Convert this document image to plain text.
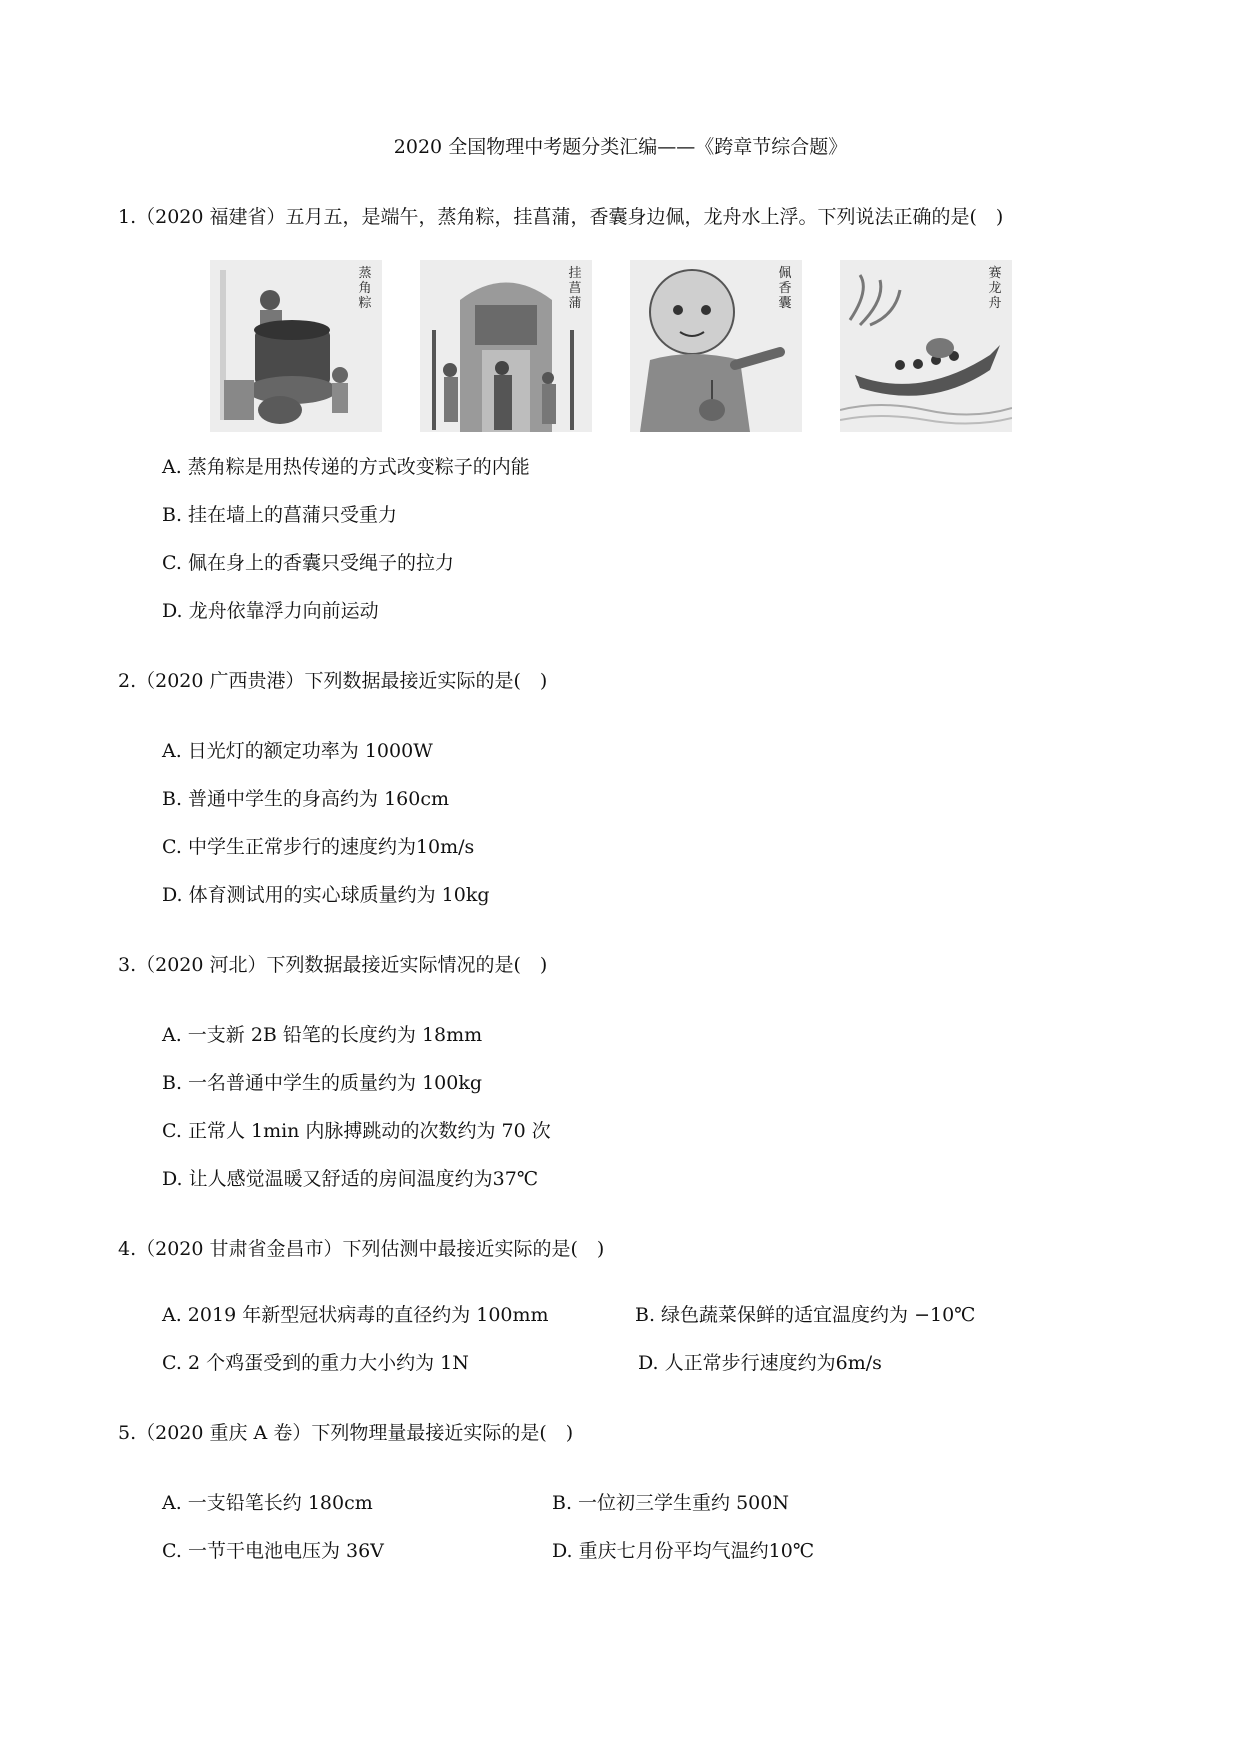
2020 全国物理中考题分类汇编——《跨章节综合题》
1.（2020 福建省）五月五，是端午，蒸角粽，挂菖蒲，香囊身边佩，龙舟水上浮。下列说法正确的是(　)
蒸角粽
挂菖蒲
佩香囊
赛龙舟
A. 蒸角粽是用热传递的方式改变粽子的内能
B. 挂在墙上的菖蒲只受重力
C. 佩在身上的香囊只受绳子的拉力
D. 龙舟依靠浮力向前运动
2.（2020 广西贵港）下列数据最接近实际的是(　)
A. 日光灯的额定功率为 1000W
B. 普通中学生的身高约为 160cm
C. 中学生正常步行的速度约为10m/s
D. 体育测试用的实心球质量约为 10kg
3.（2020 河北）下列数据最接近实际情况的是(　)
A. 一支新 2B 铅笔的长度约为 18mm
B. 一名普通中学生的质量约为 100kg
C. 正常人 1min 内脉搏跳动的次数约为 70 次
D. 让人感觉温暖又舒适的房间温度约为37℃
4.（2020 甘肃省金昌市）下列估测中最接近实际的是(　)
A. 2019 年新型冠状病毒的直径约为 100mm	B. 绿色蔬菜保鲜的适宜温度约为 −10℃
C. 2 个鸡蛋受到的重力大小约为 1N	D. 人正常步行速度约为6m/s
5.（2020 重庆 A 卷）下列物理量最接近实际的是(　)
A. 一支铅笔长约 180cm	B. 一位初三学生重约 500N
C. 一节干电池电压为 36V	D. 重庆七月份平均气温约10℃
